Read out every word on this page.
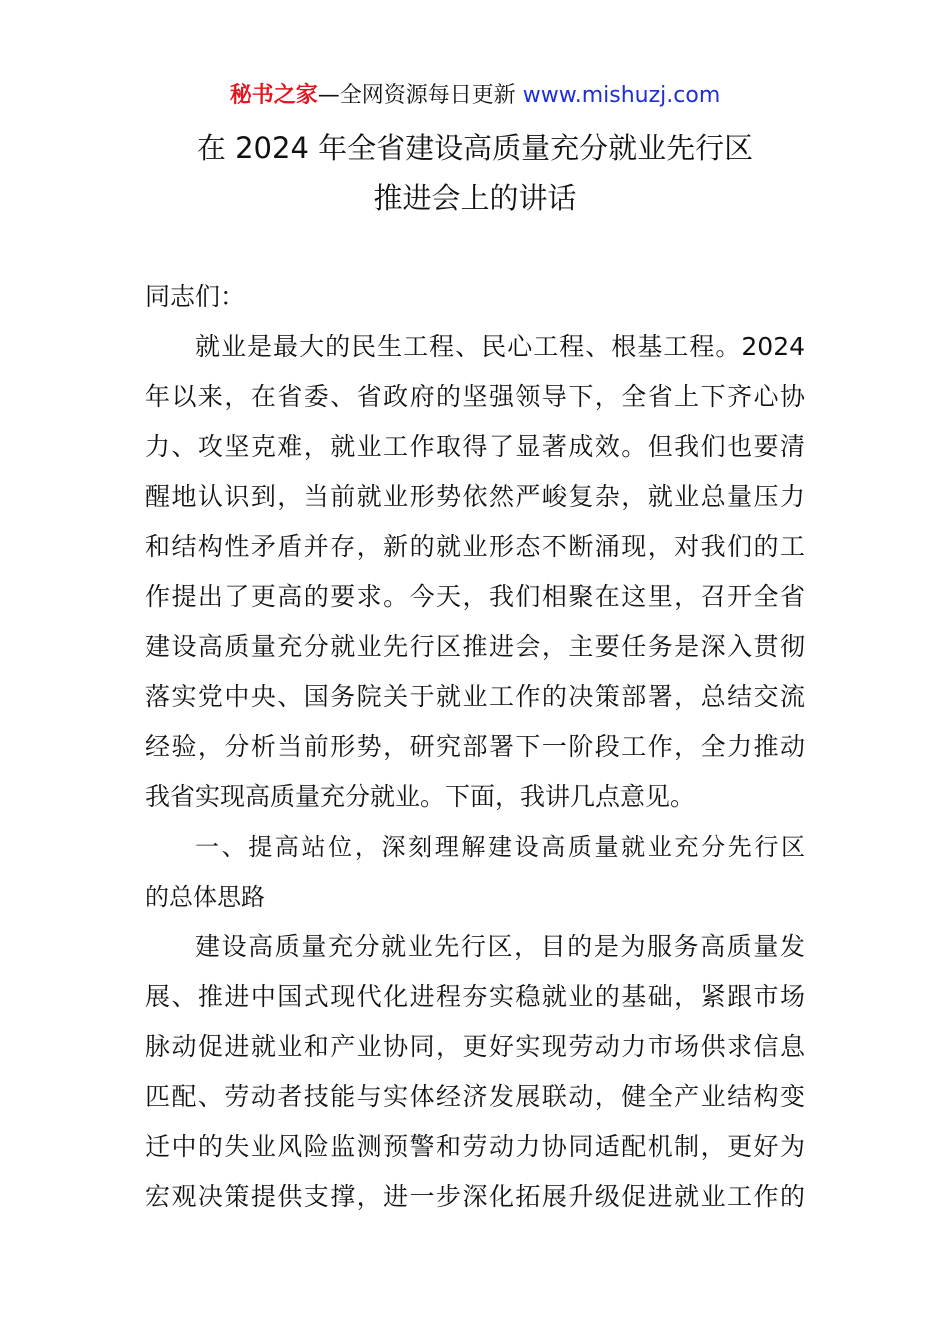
秘书之家—全网资源每日更新 www.mishuzj.com
在 2024 年全省建设高质量充分就业先行区
推进会上的讲话
同志们：
就业是最大的民生工程、民心工程、根基工程。2024
年以来，在省委、省政府的坚强领导下，全省上下齐心协
力、攻坚克难，就业工作取得了显著成效。但我们也要清
醒地认识到，当前就业形势依然严峻复杂，就业总量压力
和结构性矛盾并存，新的就业形态不断涌现，对我们的工
作提出了更高的要求。今天，我们相聚在这里，召开全省
建设高质量充分就业先行区推进会，主要任务是深入贯彻
落实党中央、国务院关于就业工作的决策部署，总结交流
经验，分析当前形势，研究部署下一阶段工作，全力推动
我省实现高质量充分就业。下面，我讲几点意见。
一、提高站位，深刻理解建设高质量就业充分先行区
的总体思路
建设高质量充分就业先行区，目的是为服务高质量发
展、推进中国式现代化进程夯实稳就业的基础，紧跟市场
脉动促进就业和产业协同，更好实现劳动力市场供求信息
匹配、劳动者技能与实体经济发展联动，健全产业结构变
迁中的失业风险监测预警和劳动力协同适配机制，更好为
宏观决策提供支撑，进一步深化拓展升级促进就业工作的
